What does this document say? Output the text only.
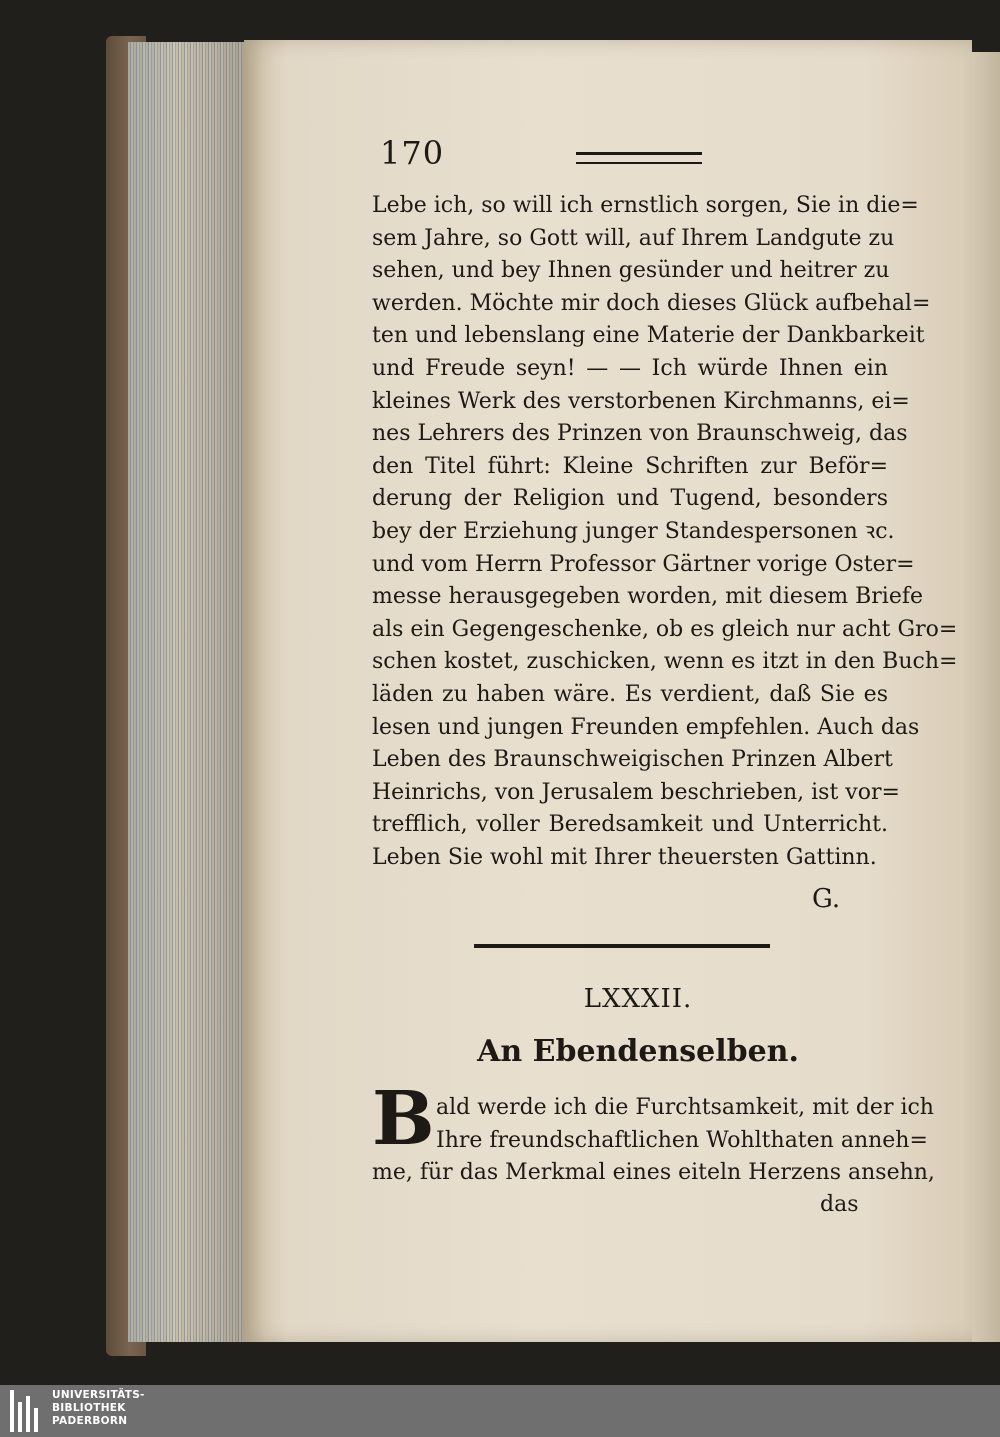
170
Lebe ich, so will ich ernstlich sorgen, Sie in die=
sem Jahre, so Gott will, auf Ihrem Landgute zu
sehen, und bey Ihnen gesünder und heitrer zu
werden. Möchte mir doch dieses Glück aufbehal=
ten und lebenslang eine Materie der Dankbarkeit
und Freude seyn! — — Ich würde Ihnen ein
kleines Werk des verstorbenen Kirchmanns, ei=
nes Lehrers des Prinzen von Braunschweig, das
den Titel führt: Kleine Schriften zur Beför=
derung der Religion und Tugend, besonders
bey der Erziehung junger Standespersonen ꝛc.
und vom Herrn Professor Gärtner vorige Oster=
messe herausgegeben worden, mit diesem Briefe
als ein Gegengeschenke, ob es gleich nur acht Gro=
schen kostet, zuschicken, wenn es itzt in den Buch=
läden zu haben wäre. Es verdient, daß Sie es
lesen und jungen Freunden empfehlen. Auch das
Leben des Braunschweigischen Prinzen Albert
Heinrichs, von Jerusalem beschrieben, ist vor=
trefflich, voller Beredsamkeit und Unterricht.
Leben Sie wohl mit Ihrer theuersten Gattinn.
G.
LXXXII.
An Ebendenselben.
B ald werde ich die Furchtsamkeit, mit der ich
Ihre freundschaftlichen Wohlthaten anneh=
me, für das Merkmal eines eiteln Herzens ansehn,
das
UNIVERSITÄTS-
BIBLIOTHEK
PADERBORN
